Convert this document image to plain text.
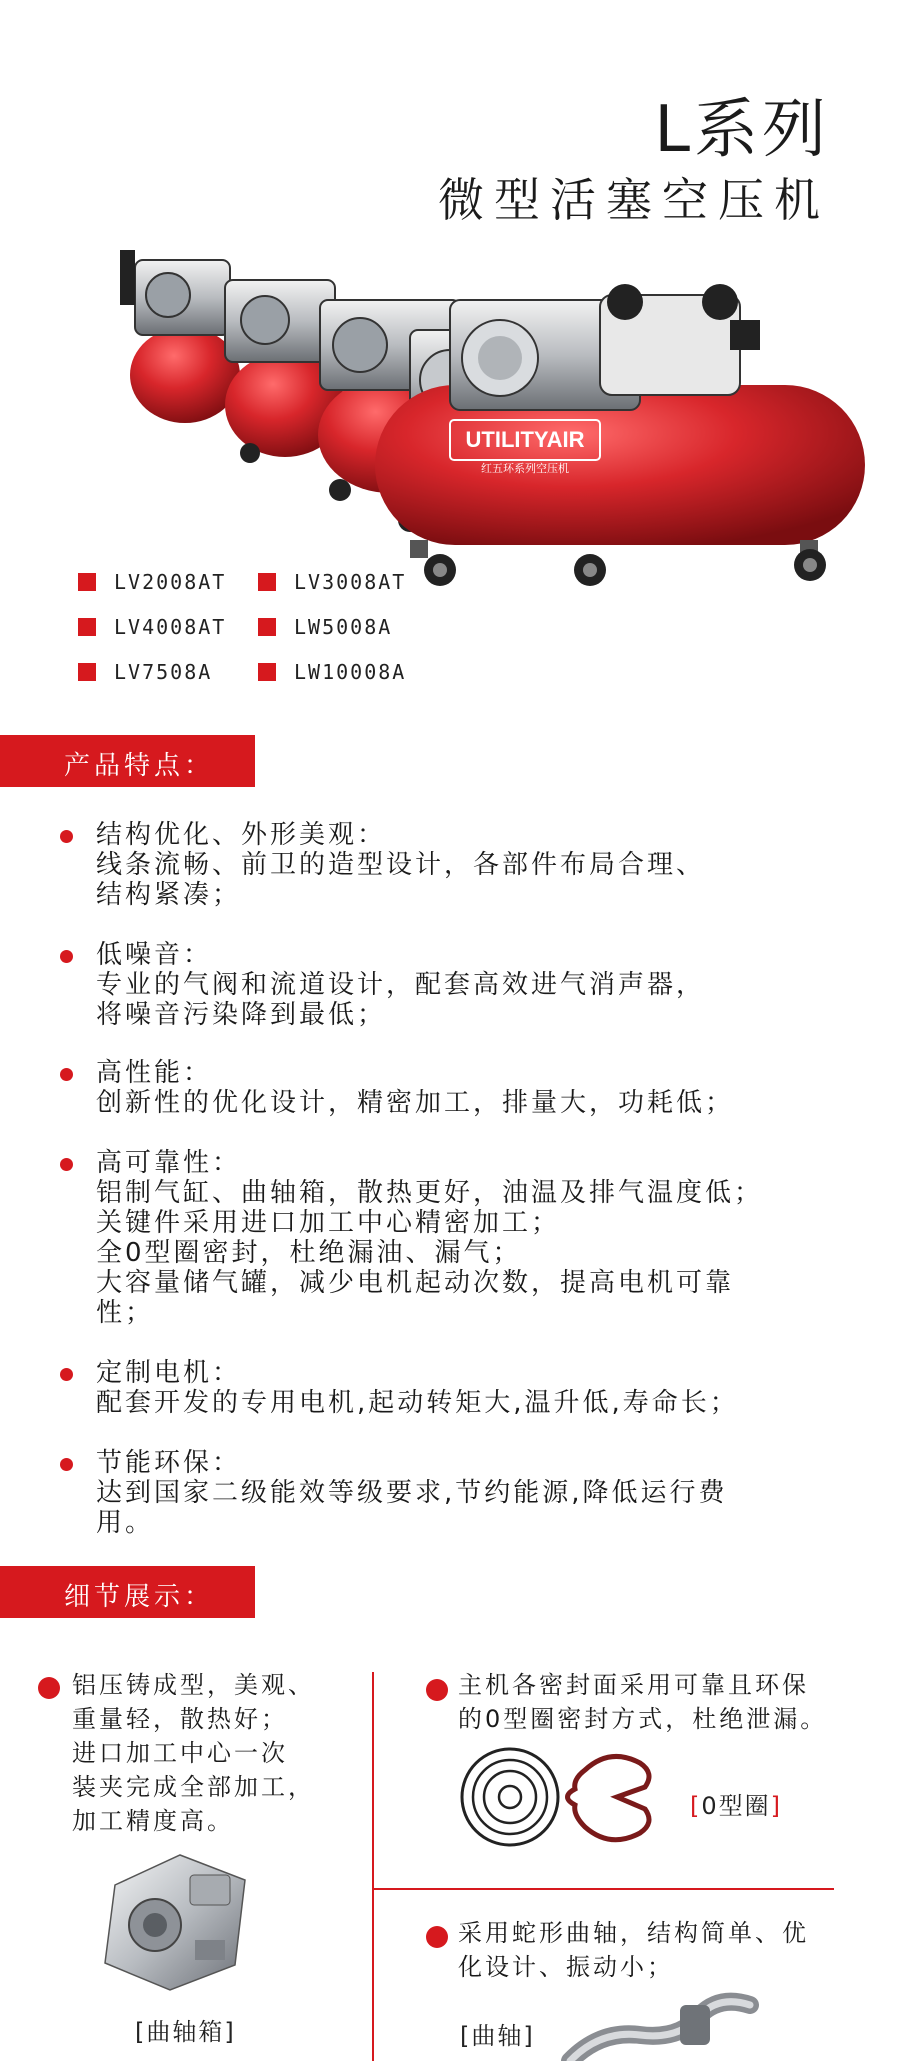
L系列
微型活塞空压机
UTILITYAIR
红五环系列空压机
LV2008AT	LV3008AT
LV4008AT	LW5008A
LV7508A	LW10008A
产品特点：
结构优化、外形美观：
线条流畅、前卫的造型设计，各部件布局合理、
结构紧凑；
低噪音：
专业的气阀和流道设计，配套高效进气消声器，
将噪音污染降到最低；
高性能：
创新性的优化设计，精密加工，排量大，功耗低；
高可靠性：
铝制气缸、曲轴箱，散热更好，油温及排气温度低；
关键件采用进口加工中心精密加工；
全0型圈密封，杜绝漏油、漏气；
大容量储气罐，减少电机起动次数，提高电机可靠
性；
定制电机：
配套开发的专用电机,起动转矩大,温升低,寿命长；
节能环保：
达到国家二级能效等级要求,节约能源,降低运行费
用。
细节展示：
铝压铸成型，美观、
重量轻，散热好；
进口加工中心一次
装夹完成全部加工，
加工精度高。
[曲轴箱]
主机各密封面采用可靠且环保
的0型圈密封方式，杜绝泄漏。
[0型圈]
采用蛇形曲轴，结构简单、优
化设计、振动小；
[曲轴]
